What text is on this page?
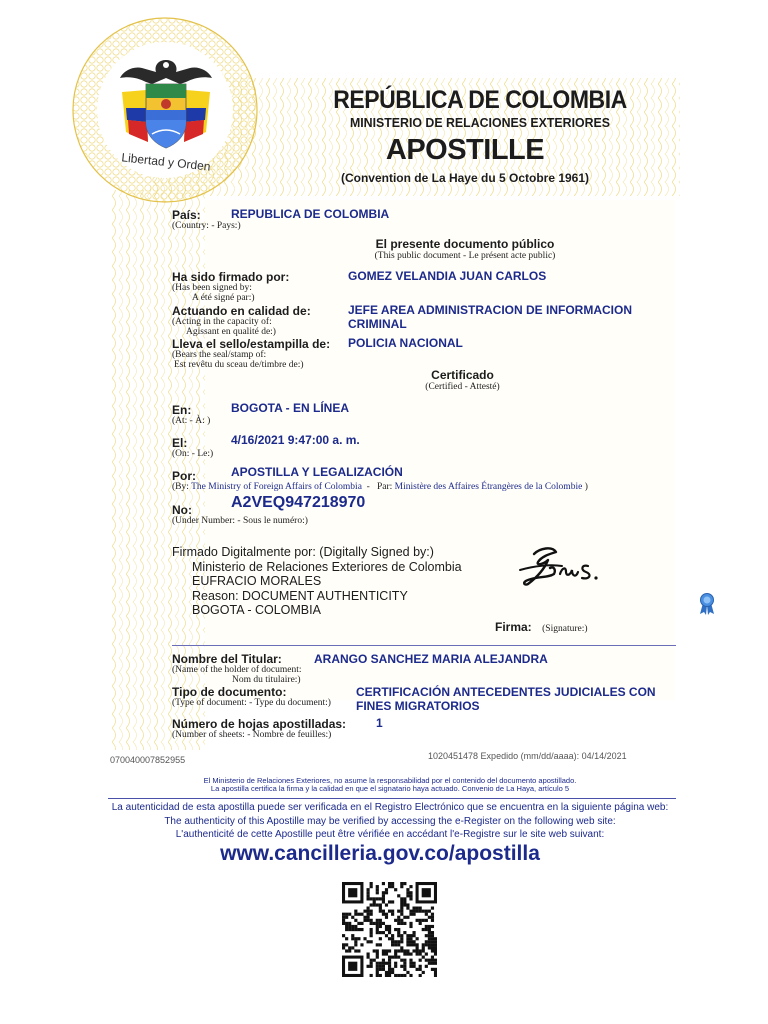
Libertad y Orden
REPÚBLICA DE COLOMBIA
MINISTERIO DE RELACIONES EXTERIORES
APOSTILLE
(Convention de La Haye du 5 Octobre 1961)
País:
(Country: - Pays:)
REPUBLICA DE COLOMBIA
El presente documento público
(This public document - Le présent acte public)
Ha sido firmado por:
(Has been signed by:
A été signé par:)
GOMEZ VELANDIA JUAN CARLOS
Actuando en calidad de:
(Acting in the capacity of:
Agissant en qualité de:)
JEFE AREA ADMINISTRACION DE INFORMACION
CRIMINAL
Lleva el sello/estampilla de:
(Bears the seal/stamp of:
Est revêtu du sceau de/timbre de:)
POLICIA NACIONAL
Certificado
(Certified - Attesté)
En:
(At: - À: )
BOGOTA - EN LÍNEA
El:
(On: - Le:)
4/16/2021 9:47:00 a. m.
Por:
(By: The Ministry of Foreign Affairs of Colombia  -   Par: Ministère des Affaires Étrangères de la Colombie )
APOSTILLA Y LEGALIZACIÓN
No:
(Under Number: - Sous le numéro:)
A2VEQ947218970
Firmado Digitalmente por: (Digitally Signed by:)
Ministerio de Relaciones Exteriores de Colombia
EUFRACIO MORALES
Reason: DOCUMENT AUTHENTICITY
BOGOTA - COLOMBIA
Firma: (Signature:)
Nombre del Titular:
(Name of the holder of document:
Nom du titulaire:)
ARANGO SANCHEZ MARIA ALEJANDRA
Tipo de documento:
(Type of document: - Type du document:)
CERTIFICACIÓN ANTECEDENTES JUDICIALES CON
FINES MIGRATORIOS
Número de hojas apostilladas:
(Number of sheets: - Nombre de feuilles:)
1
070040007852955	1020451478 Expedido (mm/dd/aaaa): 04/14/2021
El Ministerio de Relaciones Exteriores, no asume la responsabilidad por el contenido del documento apostillado.
La apostilla certifica la firma y la calidad en que el signatario haya actuado. Convenio de La Haya, artículo 5
La autenticidad de esta apostilla puede ser verificada en el Registro Electrónico que se encuentra en la siguiente página web:
The authenticity of this Apostille may be verified by accessing the e-Register on the following web site:
L'authenticité de cette Apostille peut être vérifiée en accédant l'e-Registre sur le site web suivant:
www.cancilleria.gov.co/apostilla
